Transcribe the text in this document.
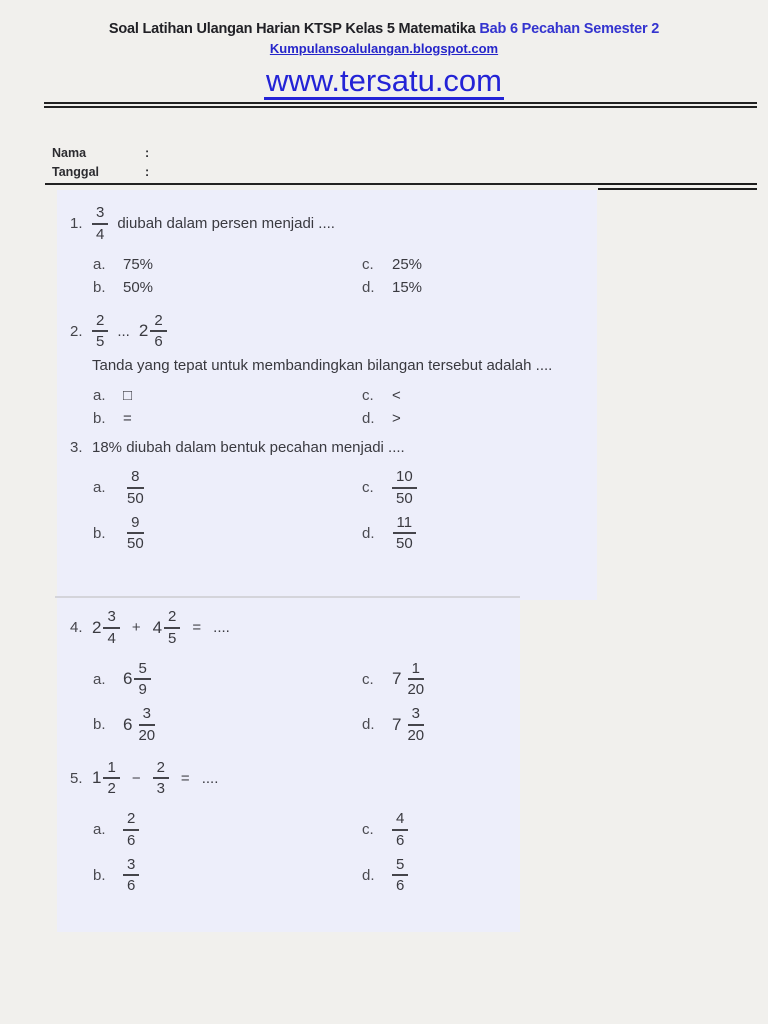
Soal Latihan Ulangan Harian KTSP Kelas 5 Matematika Bab 6 Pecahan Semester 2
Kumpulansoalulangan.blogspot.com
www.tersatu.com
Nama	:
Tanggal	:
1. $\frac{3}{4}$ diubah dalam persen menjadi ....
a. 75%
b. 50%
c.	25%
d. 15%
2. $\frac{2}{5}$ ... $2 \frac{2}{6}$
Tanda yang tepat untuk membandingkan bilangan tersebut adalah ....
a. □
b. =
c.	<
d. >
3. 18% diubah dalam bentuk pecahan menjadi ....
a. $\frac{8}{50}$
b. $\frac{9}{50}$
c.	$\frac{10}{50}$
d. $\frac{11}{50}$
4. $2 \frac{3}{4} + 4 \frac{2}{5}$ = ....
a. $6 \frac{5}{9}$
b. $6 \frac{3}{20}$
c.	$7 \frac{1}{20}$
d. $7 \frac{3}{20}$
5. $1 \frac{1}{2} - \frac{2}{3}$ = ....
a. $\frac{2}{6}$
b. $\frac{3}{6}$
c.	$\frac{4}{6}$
d. $\frac{5}{6}$
